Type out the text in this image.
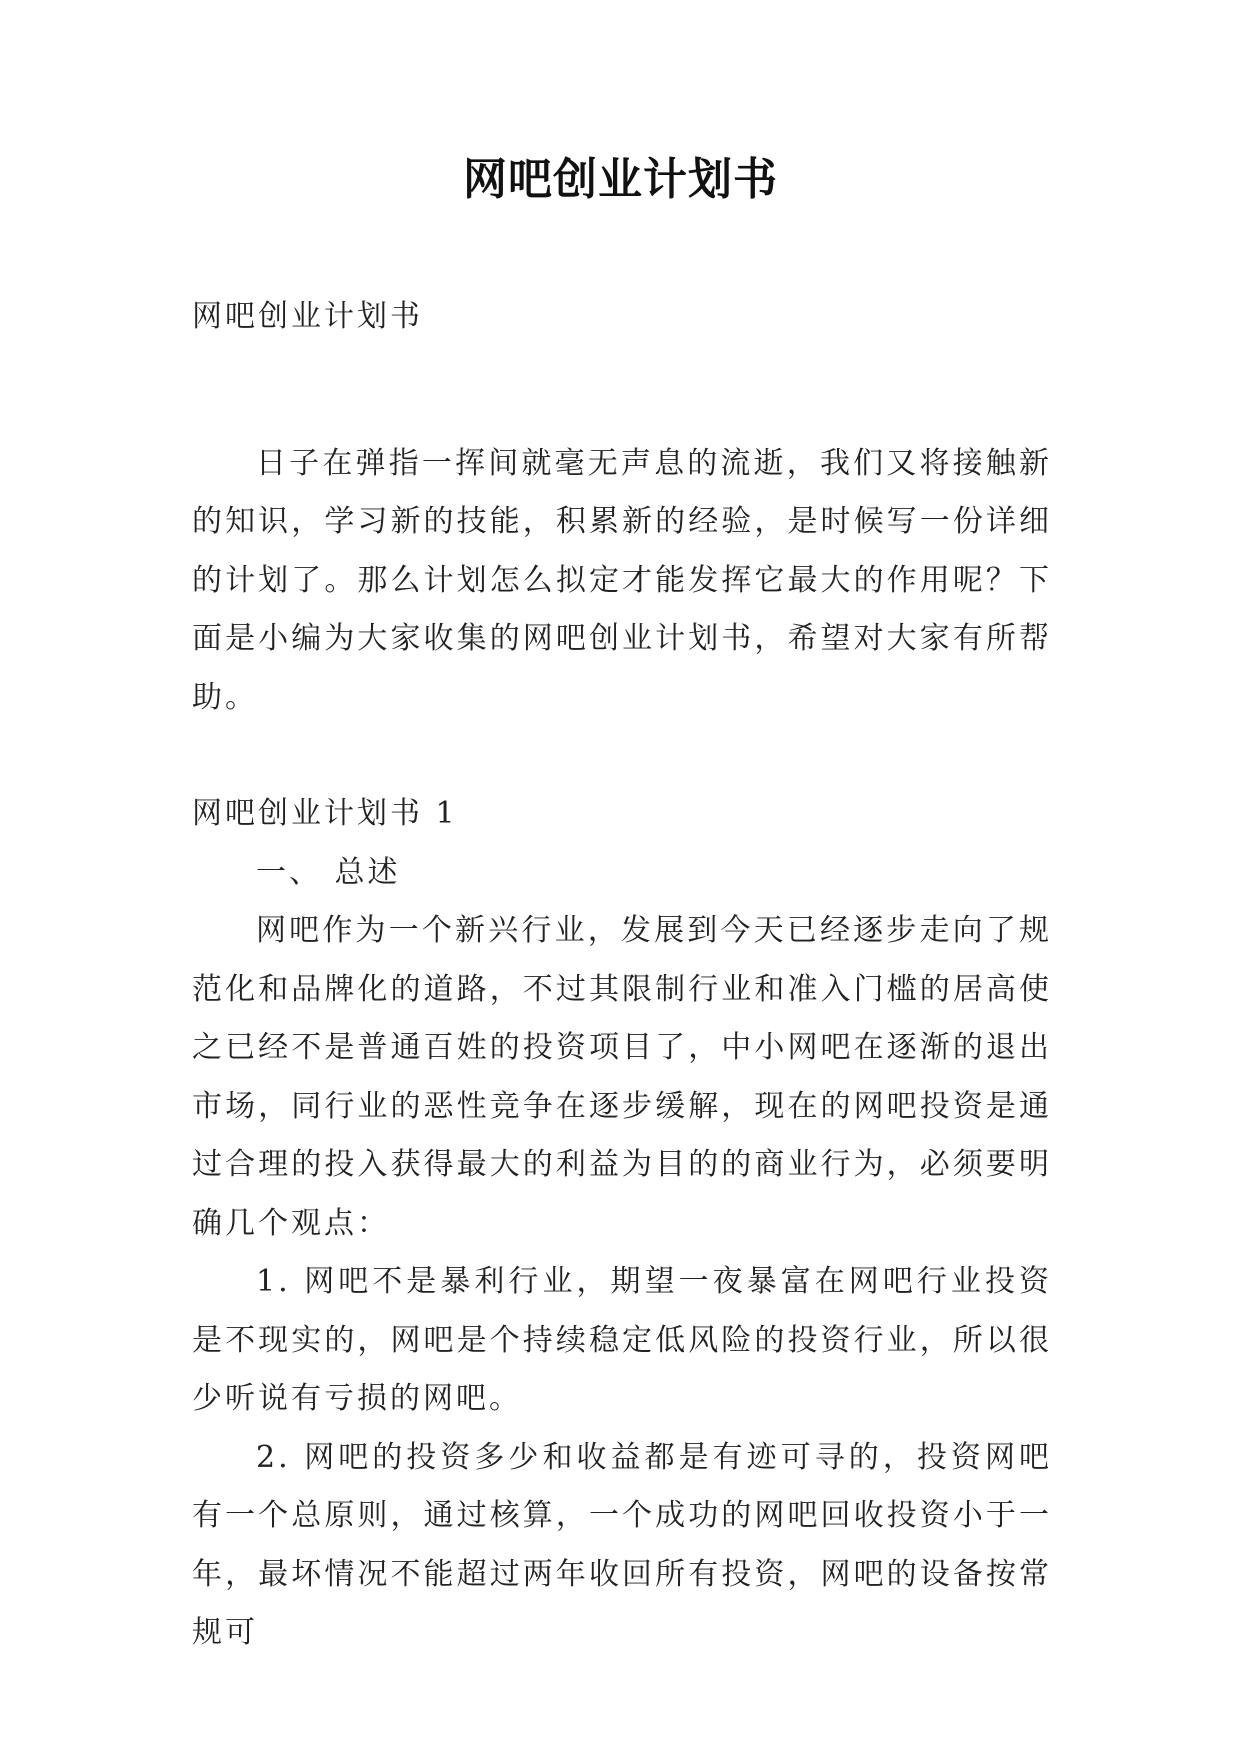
网吧创业计划书

网吧创业计划书

日子在弹指一挥间就毫无声息的流逝，我们又将接触新的知识，学习新的技能，积累新的经验，是时候写一份详细的计划了。那么计划怎么拟定才能发挥它最大的作用呢？下面是小编为大家收集的网吧创业计划书，希望对大家有所帮助。

网吧创业计划书 1

一、 总述

网吧作为一个新兴行业，发展到今天已经逐步走向了规范化和品牌化的道路，不过其限制行业和准入门槛的居高使之已经不是普通百姓的投资项目了，中小网吧在逐渐的退出市场，同行业的恶性竞争在逐步缓解，现在的网吧投资是通过合理的投入获得最大的利益为目的的商业行为，必须要明确几个观点：

1. 网吧不是暴利行业，期望一夜暴富在网吧行业投资是不现实的，网吧是个持续稳定低风险的投资行业，所以很少听说有亏损的网吧。

2. 网吧的投资多少和收益都是有迹可寻的，投资网吧有一个总原则，通过核算，一个成功的网吧回收投资小于一年，最坏情况不能超过两年收回所有投资，网吧的设备按常规可
